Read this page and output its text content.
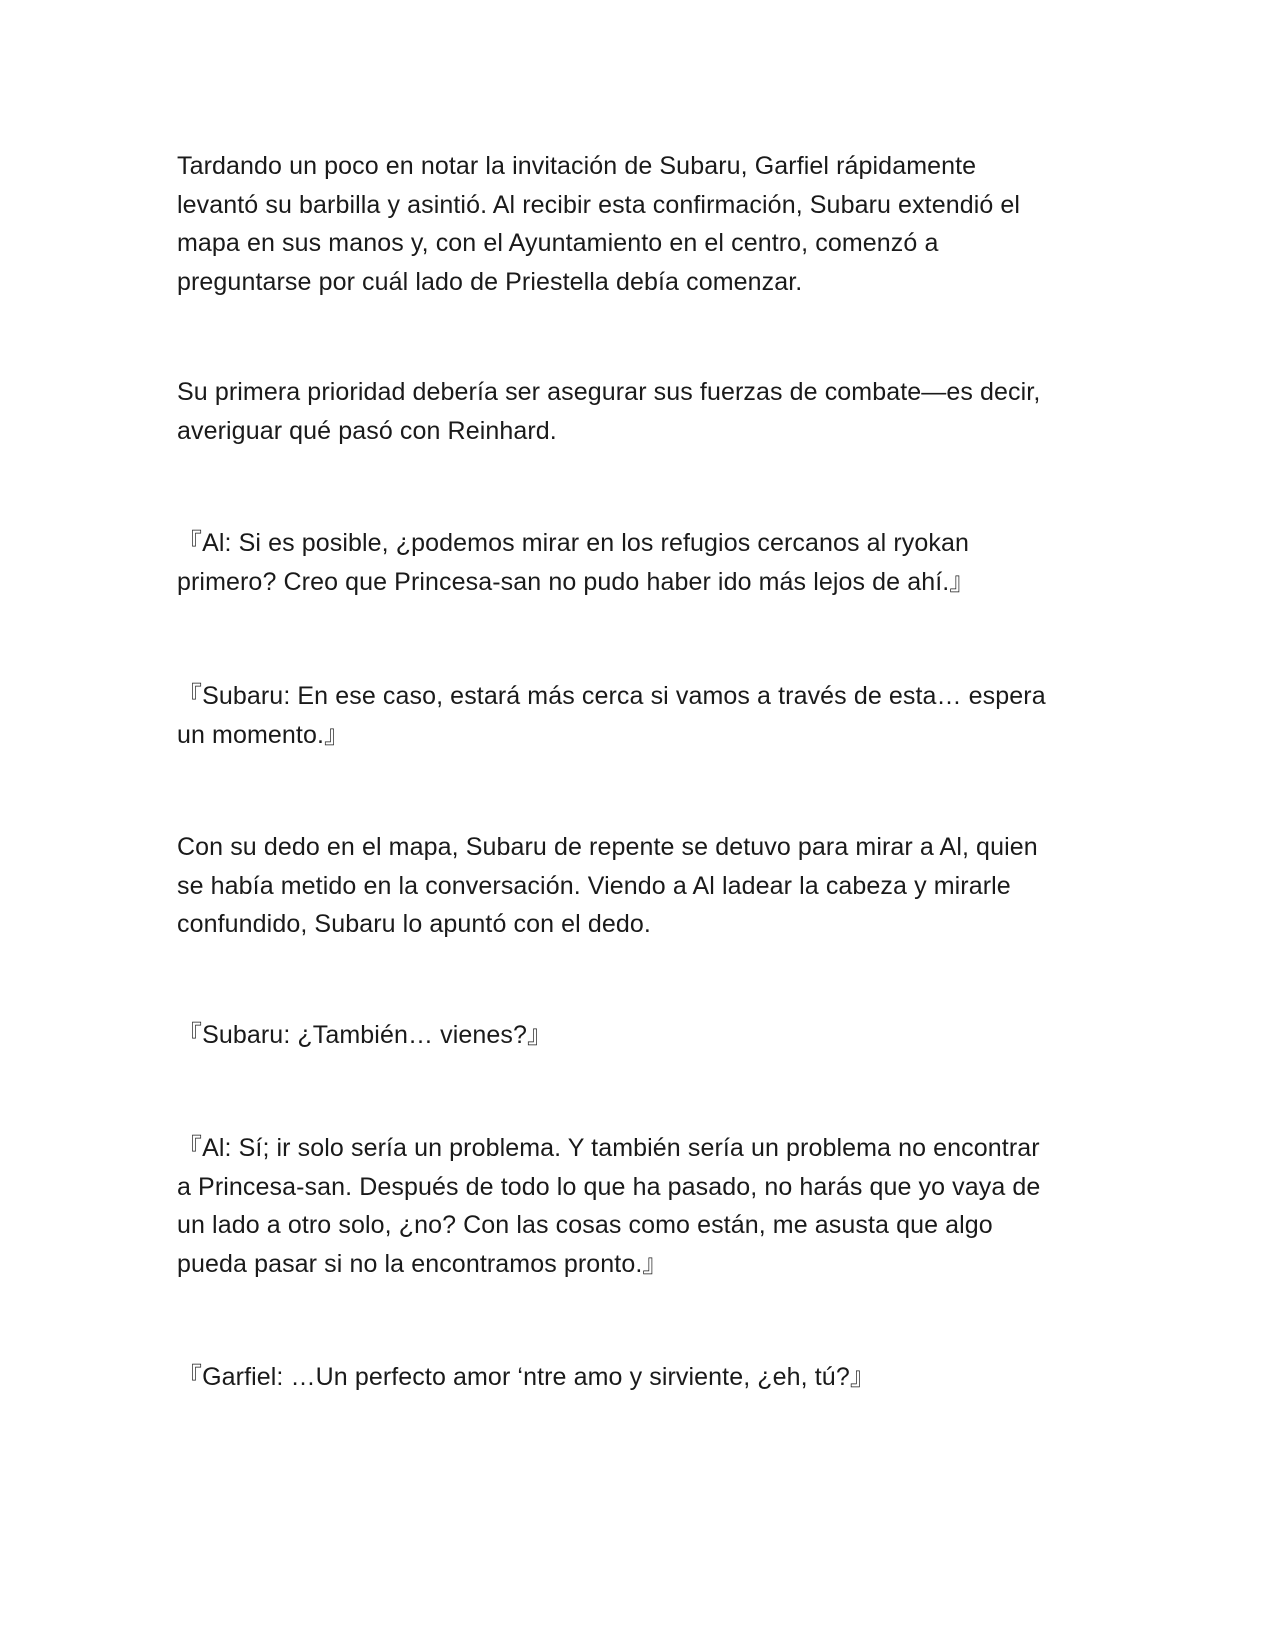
Tardando un poco en notar la invitación de Subaru, Garfiel rápidamente
levantó su barbilla y asintió. Al recibir esta confirmación, Subaru extendió el
mapa en sus manos y, con el Ayuntamiento en el centro, comenzó a
preguntarse por cuál lado de Priestella debía comenzar.

Su primera prioridad debería ser asegurar sus fuerzas de combate—es decir,
averiguar qué pasó con Reinhard.

『Al: Si es posible, ¿podemos mirar en los refugios cercanos al ryokan
primero? Creo que Princesa-san no pudo haber ido más lejos de ahí.』

『Subaru: En ese caso, estará más cerca si vamos a través de esta… espera
un momento.』

Con su dedo en el mapa, Subaru de repente se detuvo para mirar a Al, quien
se había metido en la conversación. Viendo a Al ladear la cabeza y mirarle
confundido, Subaru lo apuntó con el dedo.

『Subaru: ¿También… vienes?』

『Al: Sí; ir solo sería un problema. Y también sería un problema no encontrar
a Princesa-san. Después de todo lo que ha pasado, no harás que yo vaya de
un lado a otro solo, ¿no? Con las cosas como están, me asusta que algo
pueda pasar si no la encontramos pronto.』

『Garfiel: …Un perfecto amor ‘ntre amo y sirviente, ¿eh, tú?』
